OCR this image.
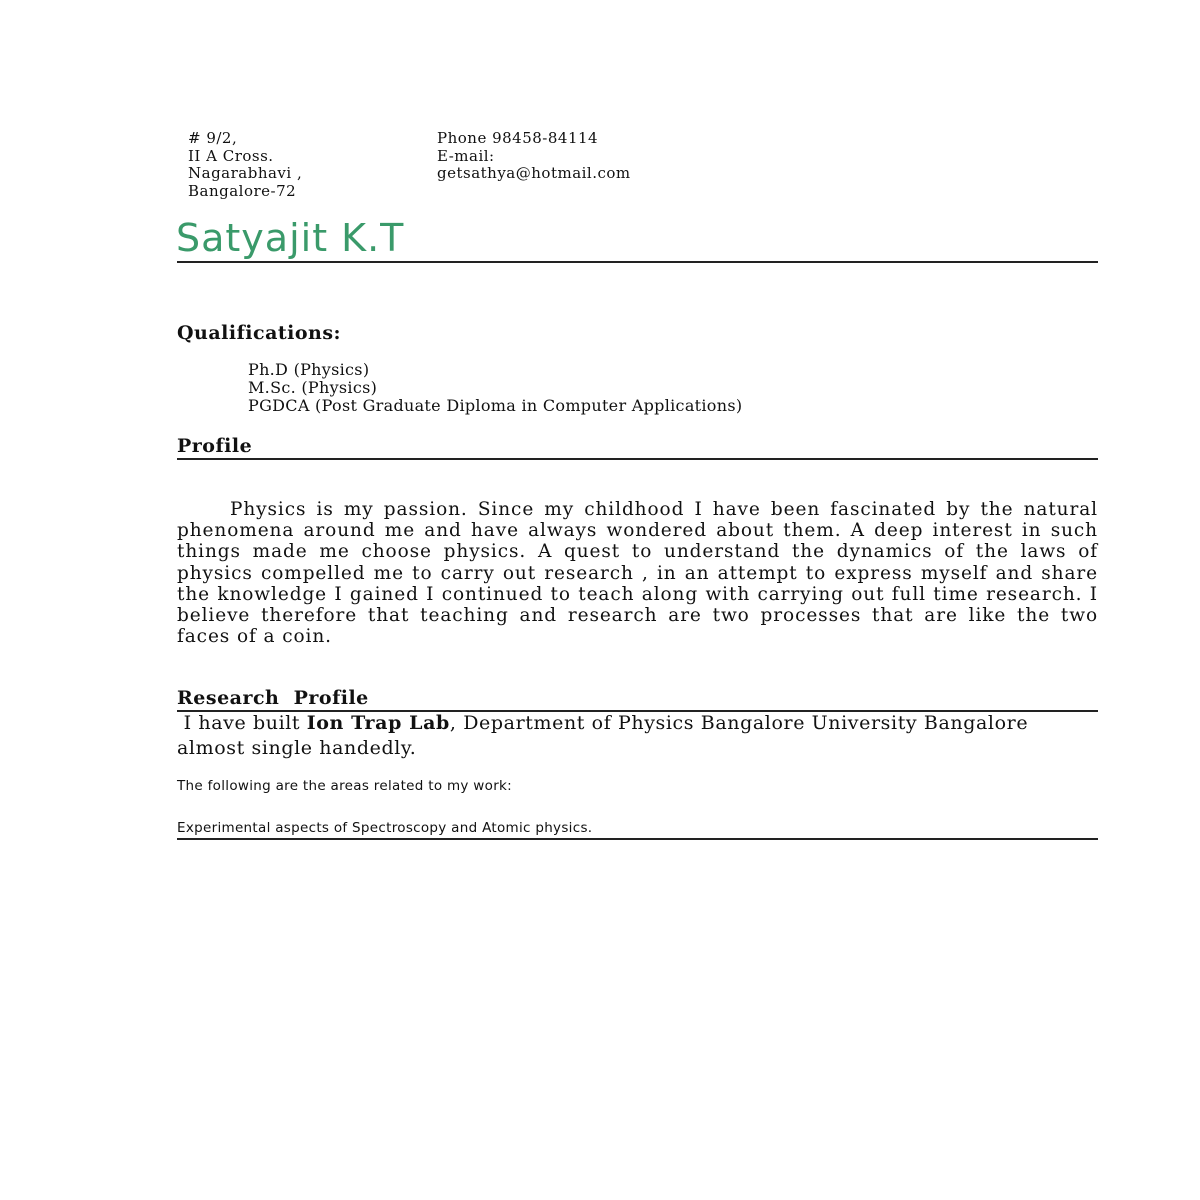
# 9/2,
II A Cross.
Nagarabhavi ,
Bangalore-72
Phone 98458-84114
E-mail:
getsathya@hotmail.com
Satyajit K.T
Qualifications:
Ph.D (Physics)
M.Sc. (Physics)
PGDCA (Post Graduate Diploma in Computer Applications)
Profile
Physics is my passion. Since my childhood I have been fascinated by the natural phenomena around me and have always wondered about them. A deep interest in such things made me choose physics. A quest to understand the dynamics of the laws of physics compelled me to carry out research , in an attempt to express myself and share the knowledge I gained I continued to teach along with carrying out full time research. I believe therefore that teaching and research are two processes that are like the two faces of a coin.
Research  Profile
I have built Ion Trap Lab, Department of Physics Bangalore University Bangalore almost single handedly.
The following are the areas related to my work:
Experimental aspects of Spectroscopy and Atomic physics.
